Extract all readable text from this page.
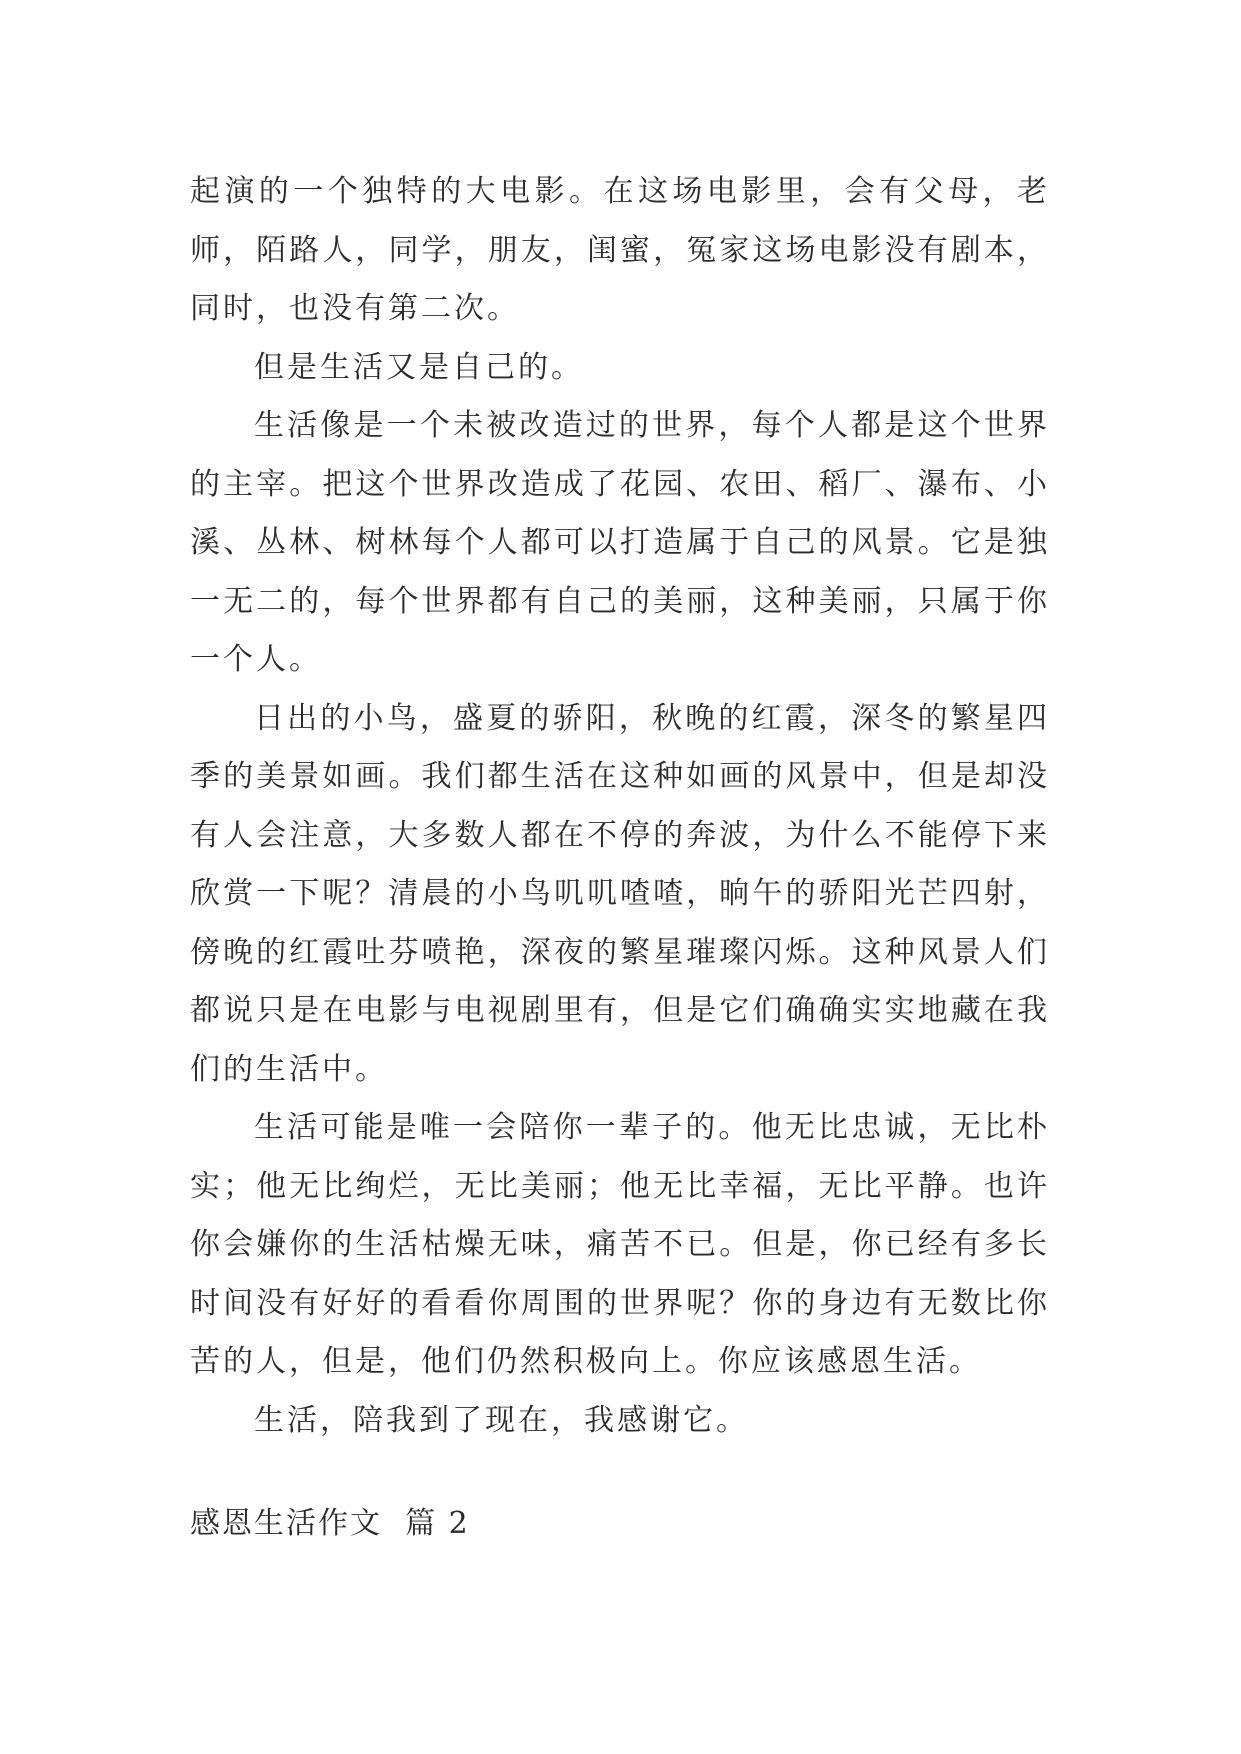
起演的一个独特的大电影。在这场电影里，会有父母，老师，陌路人，同学，朋友，闺蜜，冤家这场电影没有剧本，同时，也没有第二次。

但是生活又是自己的。

生活像是一个未被改造过的世界，每个人都是这个世界的主宰。把这个世界改造成了花园、农田、稻厂、瀑布、小溪、丛林、树林每个人都可以打造属于自己的风景。它是独一无二的，每个世界都有自己的美丽，这种美丽，只属于你一个人。

日出的小鸟，盛夏的骄阳，秋晚的红霞，深冬的繁星四季的美景如画。我们都生活在这种如画的风景中，但是却没有人会注意，大多数人都在不停的奔波，为什么不能停下来欣赏一下呢？清晨的小鸟叽叽喳喳，晌午的骄阳光芒四射，傍晚的红霞吐芬喷艳，深夜的繁星璀璨闪烁。这种风景人们都说只是在电影与电视剧里有，但是它们确确实实地藏在我们的生活中。

生活可能是唯一会陪你一辈子的。他无比忠诚，无比朴实；他无比绚烂，无比美丽；他无比幸福，无比平静。也许你会嫌你的生活枯燥无味，痛苦不已。但是，你已经有多长时间没有好好的看看你周围的世界呢？你的身边有无数比你苦的人，但是，他们仍然积极向上。你应该感恩生活。

生活，陪我到了现在，我感谢它。

感恩生活作文  篇 2
